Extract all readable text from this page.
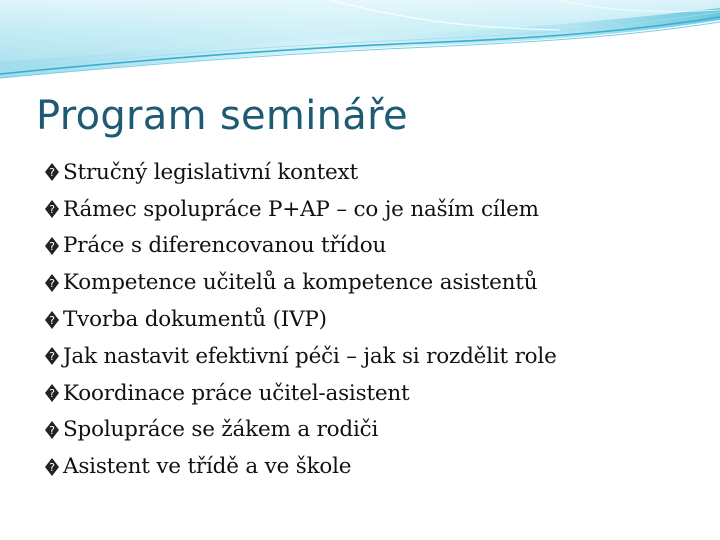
Program semináře
? Stručný legislativní kontext
? Rámec spolupráce P+AP – co je naším cílem
? Práce s diferencovanou třídou
? Kompetence učitelů a kompetence asistentů
? Tvorba dokumentů (IVP)
? Jak nastavit efektivní péči – jak si rozdělit role
? Koordinace práce učitel-asistent
? Spolupráce se žákem a rodiči
? Asistent ve třídě a ve škole
